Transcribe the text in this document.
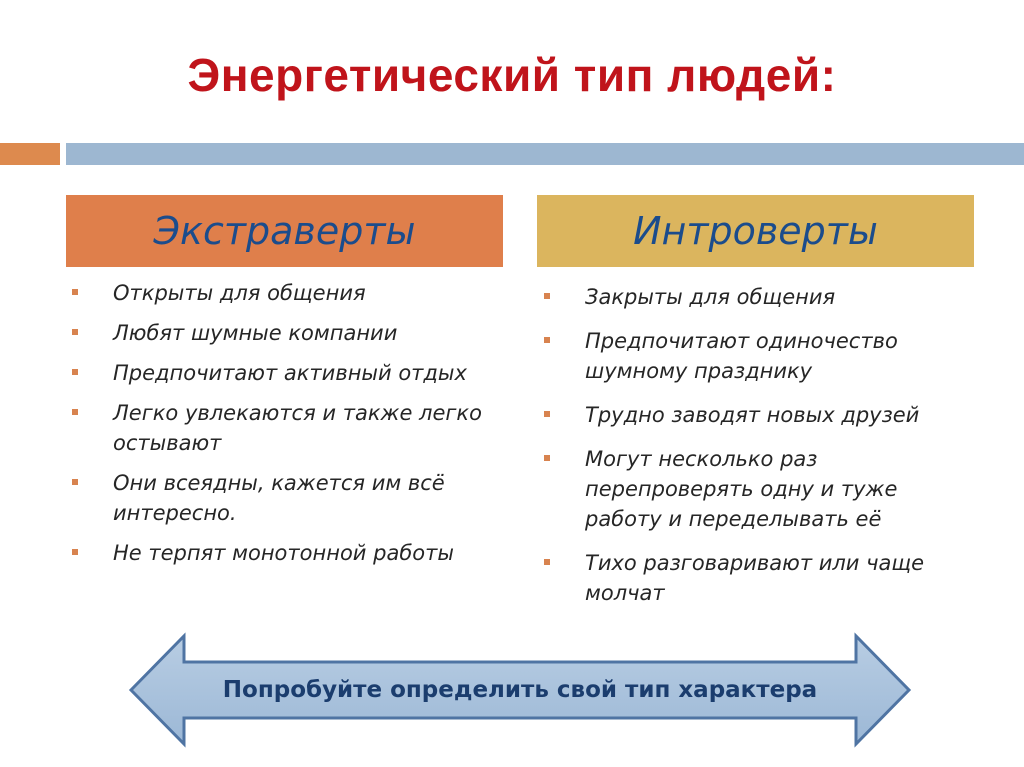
Энергетический тип людей:
Экстраверты	Интроверты
Открыты для общения
Любят шумные компании
Предпочитают активный отдых
Легко увлекаются и также легко остывают
Они всеядны, кажется им всё интересно.
Не терпят монотонной работы
Закрыты для общения
Предпочитают одиночество шумному празднику
Трудно заводят новых друзей
Могут несколько раз перепроверять одну и туже работу и переделывать её
Тихо разговаривают или чаще молчат
Попробуйте определить свой тип характера
